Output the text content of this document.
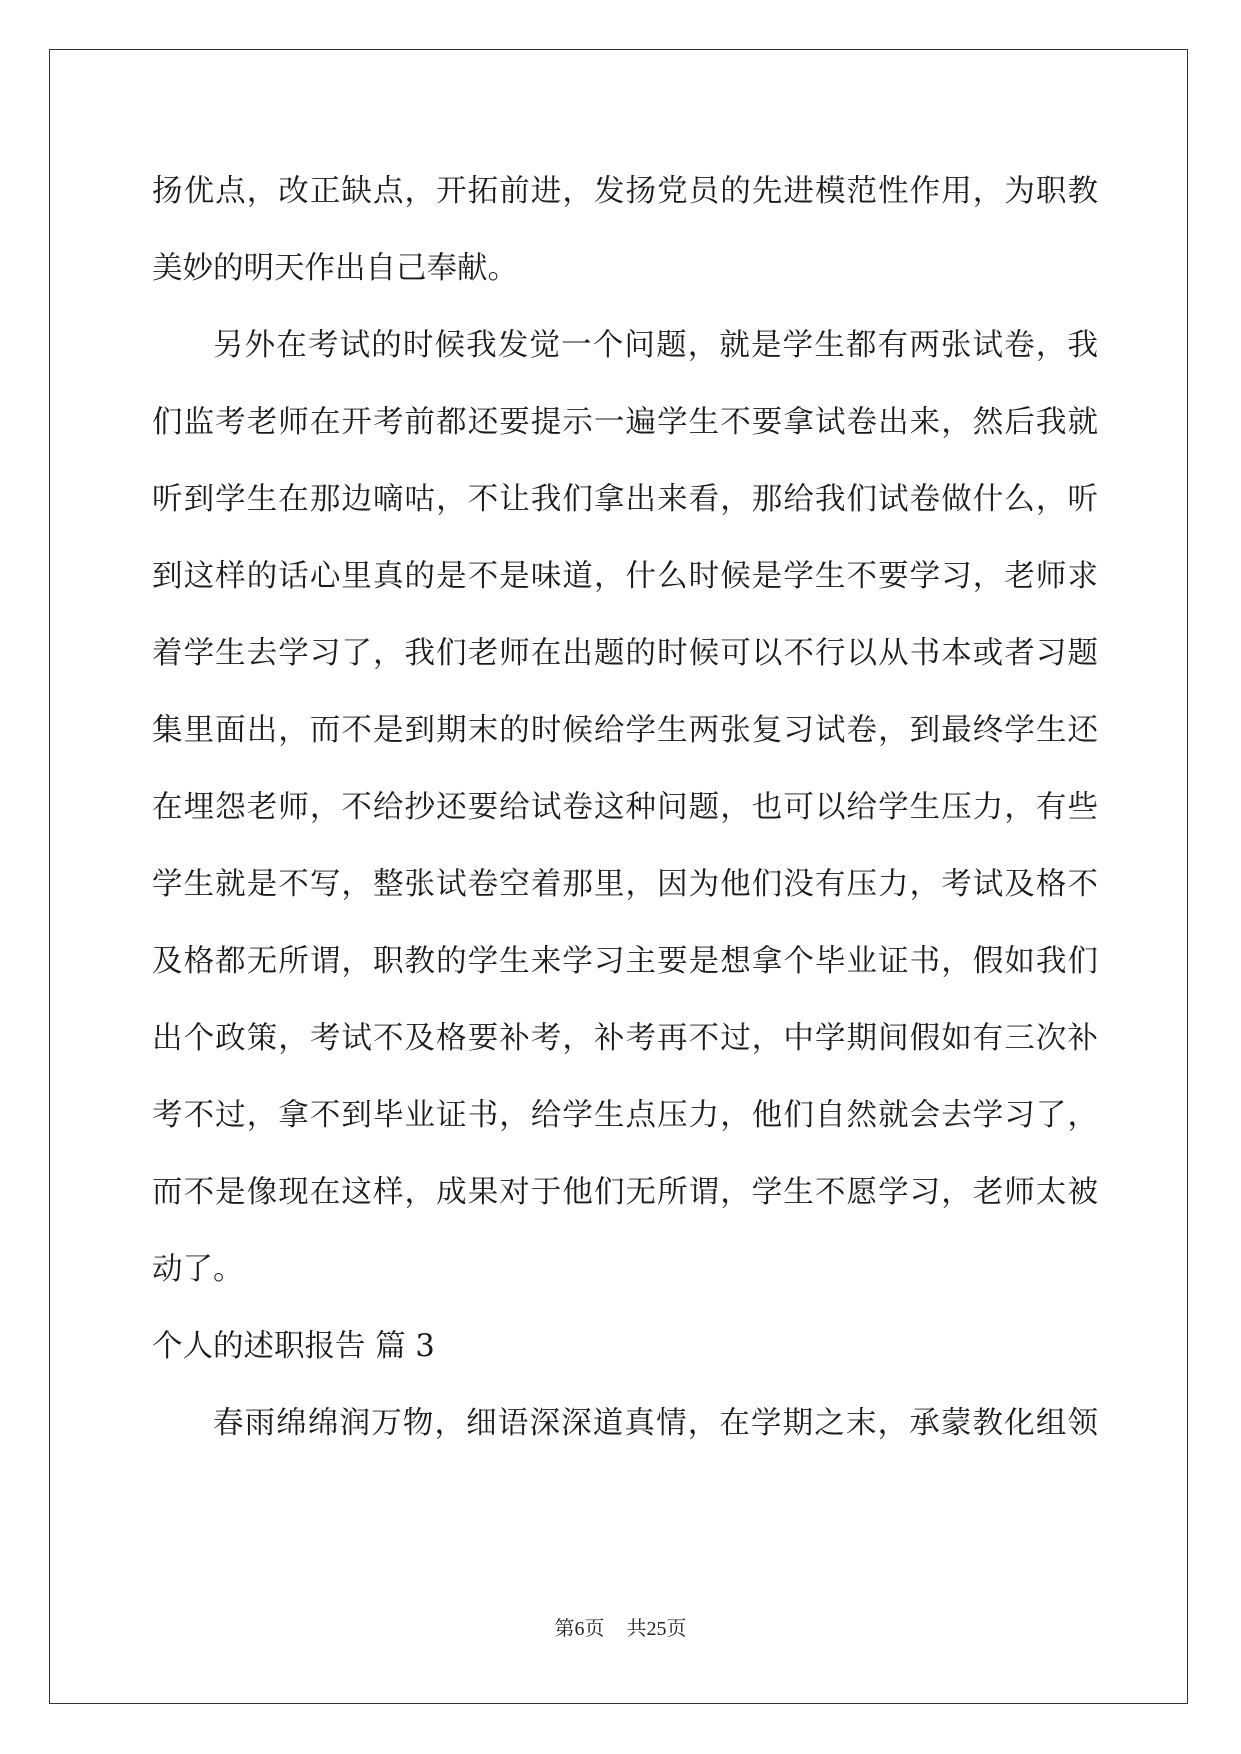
扬优点，改正缺点，开拓前进，发扬党员的先进模范性作用，为职教
美妙的明天作出自己奉献。
另外在考试的时候我发觉一个问题，就是学生都有两张试卷，我
们监考老师在开考前都还要提示一遍学生不要拿试卷出来，然后我就
听到学生在那边嘀咕，不让我们拿出来看，那给我们试卷做什么，听
到这样的话心里真的是不是味道，什么时候是学生不要学习，老师求
着学生去学习了，我们老师在出题的时候可以不行以从书本或者习题
集里面出，而不是到期末的时候给学生两张复习试卷，到最终学生还
在埋怨老师，不给抄还要给试卷这种问题，也可以给学生压力，有些
学生就是不写，整张试卷空着那里，因为他们没有压力，考试及格不
及格都无所谓，职教的学生来学习主要是想拿个毕业证书，假如我们
出个政策，考试不及格要补考，补考再不过，中学期间假如有三次补
考不过，拿不到毕业证书，给学生点压力，他们自然就会去学习了，
而不是像现在这样，成果对于他们无所谓，学生不愿学习，老师太被
动了。
个人的述职报告 篇 3
春雨绵绵润万物，细语深深道真情，在学期之末，承蒙教化组领
第6页 共25页
